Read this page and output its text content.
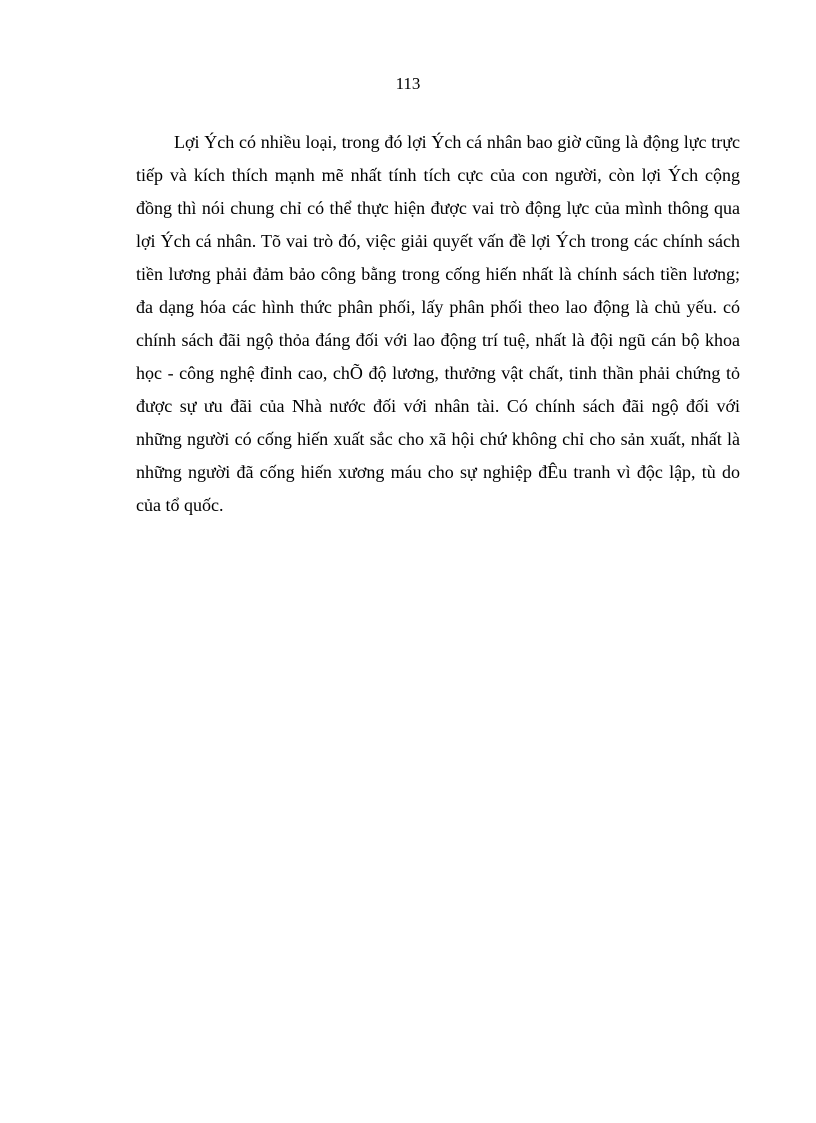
113

Lợi Ých có nhiều loại, trong đó lợi Ých cá nhân bao giờ cũng là động lực trực tiếp và kích thích mạnh mẽ nhất tính tích cực của con người, còn lợi Ých cộng đồng thì nói chung chỉ có thể thực hiện được vai trò động lực của mình thông qua lợi Ých cá nhân. Tõ vai trò đó, việc giải quyết vấn đề lợi Ých trong các chính sách tiền lương phải đảm bảo công bằng trong cống hiến nhất là chính sách tiền lương; đa dạng hóa các hình thức phân phối, lấy phân phối theo lao động là chủ yếu. có chính sách đãi ngộ thỏa đáng đối với lao động trí tuệ, nhất là đội ngũ cán bộ khoa học - công nghệ đỉnh cao, chÕ độ lương, thưởng vật chất, tinh thần phải chứng tỏ được sự ưu đãi của Nhà nước đối với nhân tài. Có chính sách đãi ngộ đối với những người có cống hiến xuất sắc cho xã hội chứ không chỉ cho sản xuất, nhất là những người đã cống hiến xương máu cho sự nghiệp đÊu tranh vì độc lập, tù do của tổ quốc.
